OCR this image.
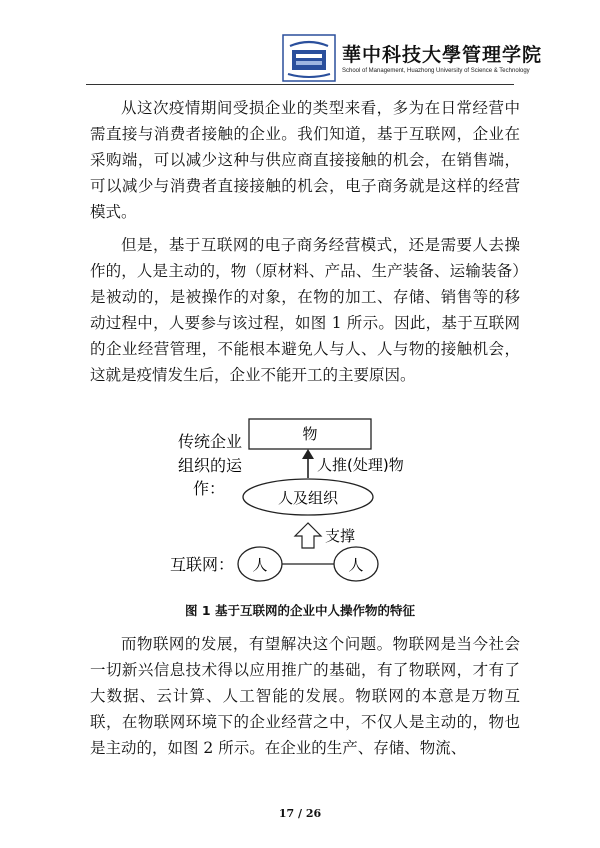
華中科技大學管理学院
School of Management, Huazhong University of Science & Technology

从这次疫情期间受损企业的类型来看，多为在日常经营中需直接与消费者接触的企业。我们知道，基于互联网，企业在采购端，可以减少这种与供应商直接接触的机会，在销售端，可以减少与消费者直接接触的机会，电子商务就是这样的经营模式。

但是，基于互联网的电子商务经营模式，还是需要人去操作的，人是主动的，物（原材料、产品、生产装备、运输装备）是被动的，是被操作的对象，在物的加工、存储、销售等的移动过程中，人要参与该过程，如图 1 所示。因此，基于互联网的企业经营管理，不能根本避免人与人、人与物的接触机会，这就是疫情发生后，企业不能开工的主要原因。

传统企业
组织的运
作：
物
人推(处理)物
人及组织
支撑
互联网： 人	人
图 1 基于互联网的企业中人操作物的特征

而物联网的发展，有望解决这个问题。物联网是当今社会一切新兴信息技术得以应用推广的基础，有了物联网，才有了大数据、云计算、人工智能的发展。物联网的本意是万物互联，在物联网环境下的企业经营之中，不仅人是主动的，物也是主动的，如图 2 所示。在企业的生产、存储、物流、

17 / 26
